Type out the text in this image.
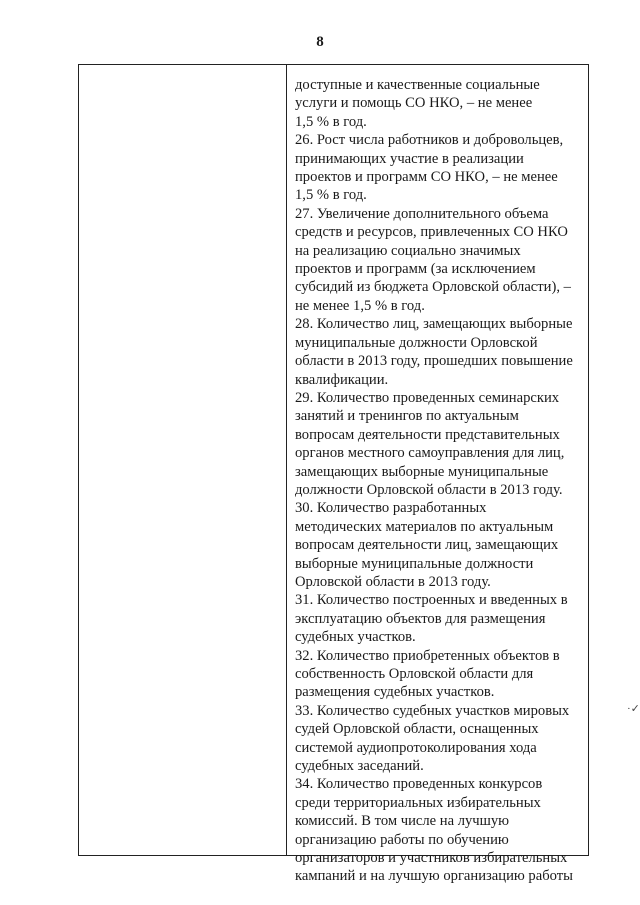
8
доступные и качественные социальные
услуги и помощь СО НКО, – не менее
1,5 % в год.
26. Рост числа работников и добровольцев,
принимающих участие в реализации
проектов и программ СО НКО, – не менее
1,5 % в год.
27. Увеличение дополнительного объема
средств и ресурсов, привлеченных СО НКО
на реализацию социально значимых
проектов и программ (за исключением
субсидий из бюджета Орловской области), –
не менее 1,5 % в год.
28. Количество лиц, замещающих выборные
муниципальные должности Орловской
области в 2013 году, прошедших повышение
квалификации.
29. Количество проведенных семинарских
занятий и тренингов по актуальным
вопросам деятельности представительных
органов местного самоуправления для лиц,
замещающих выборные муниципальные
должности Орловской области в 2013 году.
30. Количество разработанных
методических материалов по актуальным
вопросам деятельности лиц, замещающих
выборные муниципальные должности
Орловской области в 2013 году.
31. Количество построенных и введенных в
эксплуатацию объектов для размещения
судебных участков.
32. Количество приобретенных объектов в
собственность Орловской области для
размещения судебных участков.
33. Количество судебных участков мировых
судей Орловской области, оснащенных
системой аудиопротоколирования хода
судебных заседаний.
34. Количество проведенных конкурсов
среди территориальных избирательных
комиссий. В том числе на лучшую
организацию работы по обучению
организаторов и участников избирательных
кампаний и на лучшую организацию работы
·✓
